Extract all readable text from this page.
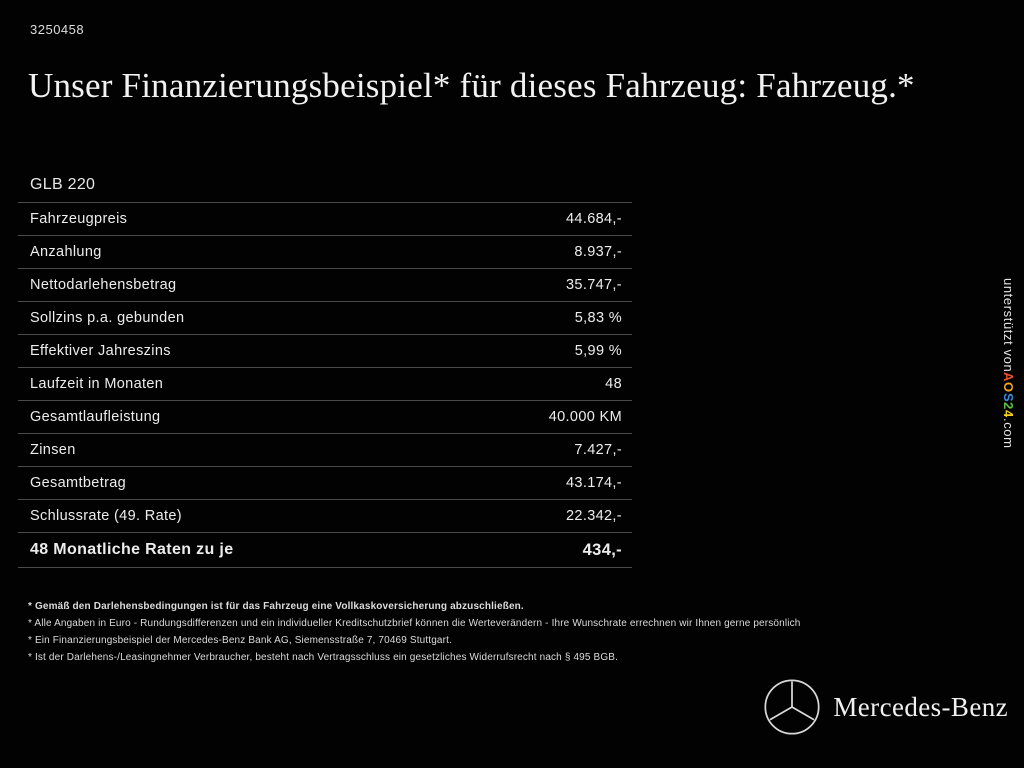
3250458
Unser Finanzierungsbeispiel* für dieses Fahrzeug: Fahrzeug.*
GLB 220
Fahrzeugpreis	44.684,-
Anzahlung	8.937,-
Nettodarlehensbetrag	35.747,-
Sollzins p.a. gebunden	5,83 %
Effektiver Jahreszins	5,99 %
Laufzeit in Monaten	48
Gesamtlaufleistung	40.000 KM
Zinsen	7.427,-
Gesamtbetrag	43.174,-
Schlussrate (49. Rate)	22.342,-
48 Monatliche Raten zu je	434,-
* Gemäß den Darlehensbedingungen ist für das Fahrzeug eine Vollkaskoversicherung abzuschließen.
* Alle Angaben in Euro - Rundungsdifferenzen und ein individueller Kreditschutzbrief können die Werteverändern - Ihre Wunschrate errechnen wir Ihnen gerne persönlich
* Ein Finanzierungsbeispiel der Mercedes-Benz Bank AG, Siemensstraße 7, 70469 Stuttgart.
* Ist der Darlehens-/Leasingnehmer Verbraucher, besteht nach Vertragsschluss ein gesetzliches Widerrufsrecht nach § 495 BGB.
unterstützt von
A
O
S
2
4
.com
Mercedes-Benz
